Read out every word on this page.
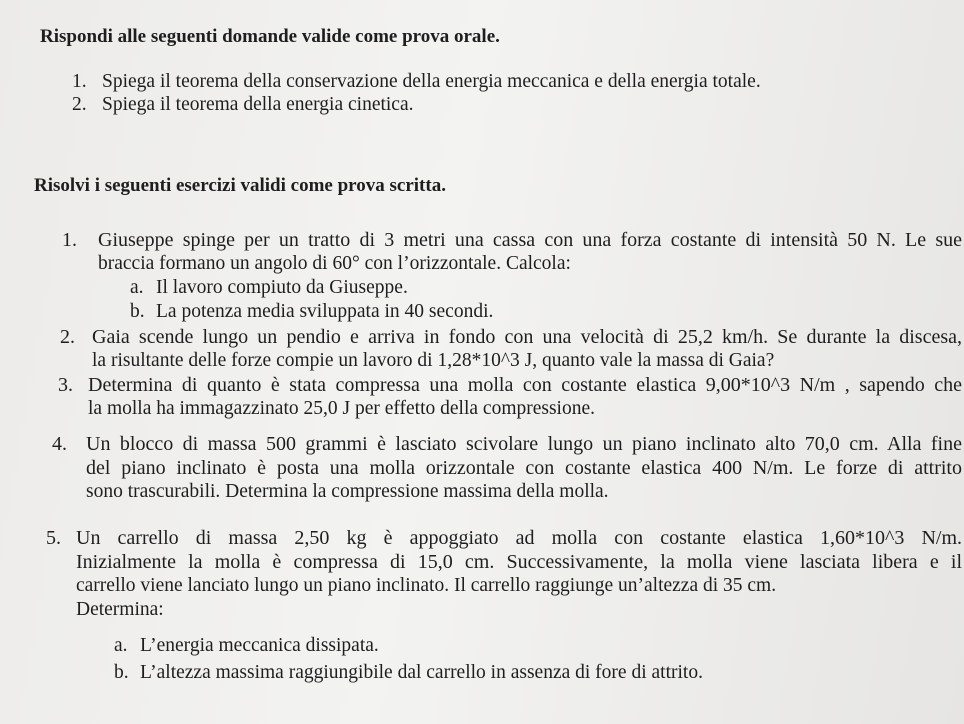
Rispondi alle seguenti domande valide come prova orale.
1. Spiega il teorema della conservazione della energia meccanica e della energia totale.
2. Spiega il teorema della energia cinetica.
Risolvi i seguenti esercizi validi come prova scritta.
1. Giuseppe spinge per un tratto di 3 metri una cassa con una forza costante di intensità 50 N. Le sue
braccia formano un angolo di 60° con l’orizzontale. Calcola:
a. Il lavoro compiuto da Giuseppe.
b. La potenza media sviluppata in 40 secondi.
2. Gaia scende lungo un pendio e arriva in fondo con una velocità di 25,2 km/h. Se durante la discesa,
la risultante delle forze compie un lavoro di 1,28*10^3 J, quanto vale la massa di Gaia?
3. Determina di quanto è stata compressa una molla con costante elastica 9,00*10^3 N/m , sapendo che
la molla ha immagazzinato 25,0 J per effetto della compressione.
4. Un blocco di massa 500 grammi è lasciato scivolare lungo un piano inclinato alto 70,0 cm. Alla fine
del piano inclinato è posta una molla orizzontale con costante elastica 400 N/m. Le forze di attrito
sono trascurabili. Determina la compressione massima della molla.
5. Un carrello di massa 2,50 kg è appoggiato ad molla con costante elastica 1,60*10^3 N/m.
Inizialmente la molla è compressa di 15,0 cm. Successivamente, la molla viene lasciata libera e il
carrello viene lanciato lungo un piano inclinato. Il carrello raggiunge un’altezza di 35 cm.
Determina:
a. L’energia meccanica dissipata.
b. L’altezza massima raggiungibile dal carrello in assenza di fore di attrito.
